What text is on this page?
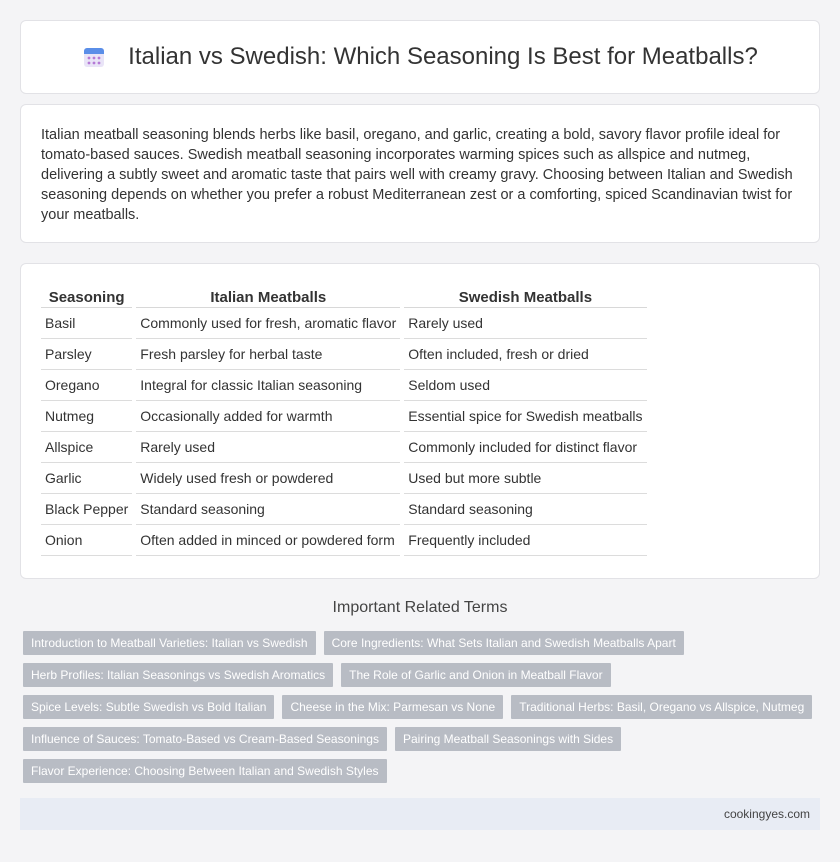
Italian vs Swedish: Which Seasoning Is Best for Meatballs?

Italian meatball seasoning blends herbs like basil, oregano, and garlic, creating a bold, savory flavor profile ideal for tomato-based sauces. Swedish meatball seasoning incorporates warming spices such as allspice and nutmeg, delivering a subtly sweet and aromatic taste that pairs well with creamy gravy. Choosing between Italian and Swedish seasoning depends on whether you prefer a robust Mediterranean zest or a comforting, spiced Scandinavian twist for your meatballs.

Seasoning	Italian Meatballs	Swedish Meatballs
Basil	Commonly used for fresh, aromatic flavor	Rarely used
Parsley	Fresh parsley for herbal taste	Often included, fresh or dried
Oregano	Integral for classic Italian seasoning	Seldom used
Nutmeg	Occasionally added for warmth	Essential spice for Swedish meatballs
Allspice	Rarely used	Commonly included for distinct flavor
Garlic	Widely used fresh or powdered	Used but more subtle
Black Pepper	Standard seasoning	Standard seasoning
Onion	Often added in minced or powdered form	Frequently included
Important Related Terms
Introduction to Meatball Varieties: Italian vs Swedish	Core Ingredients: What Sets Italian and Swedish Meatballs Apart
Herb Profiles: Italian Seasonings vs Swedish Aromatics	The Role of Garlic and Onion in Meatball Flavor
Spice Levels: Subtle Swedish vs Bold Italian	Cheese in the Mix: Parmesan vs None	Traditional Herbs: Basil, Oregano vs Allspice, Nutmeg
Influence of Sauces: Tomato-Based vs Cream-Based Seasonings	Pairing Meatball Seasonings with Sides
Flavor Experience: Choosing Between Italian and Swedish Styles
cookingyes.com
